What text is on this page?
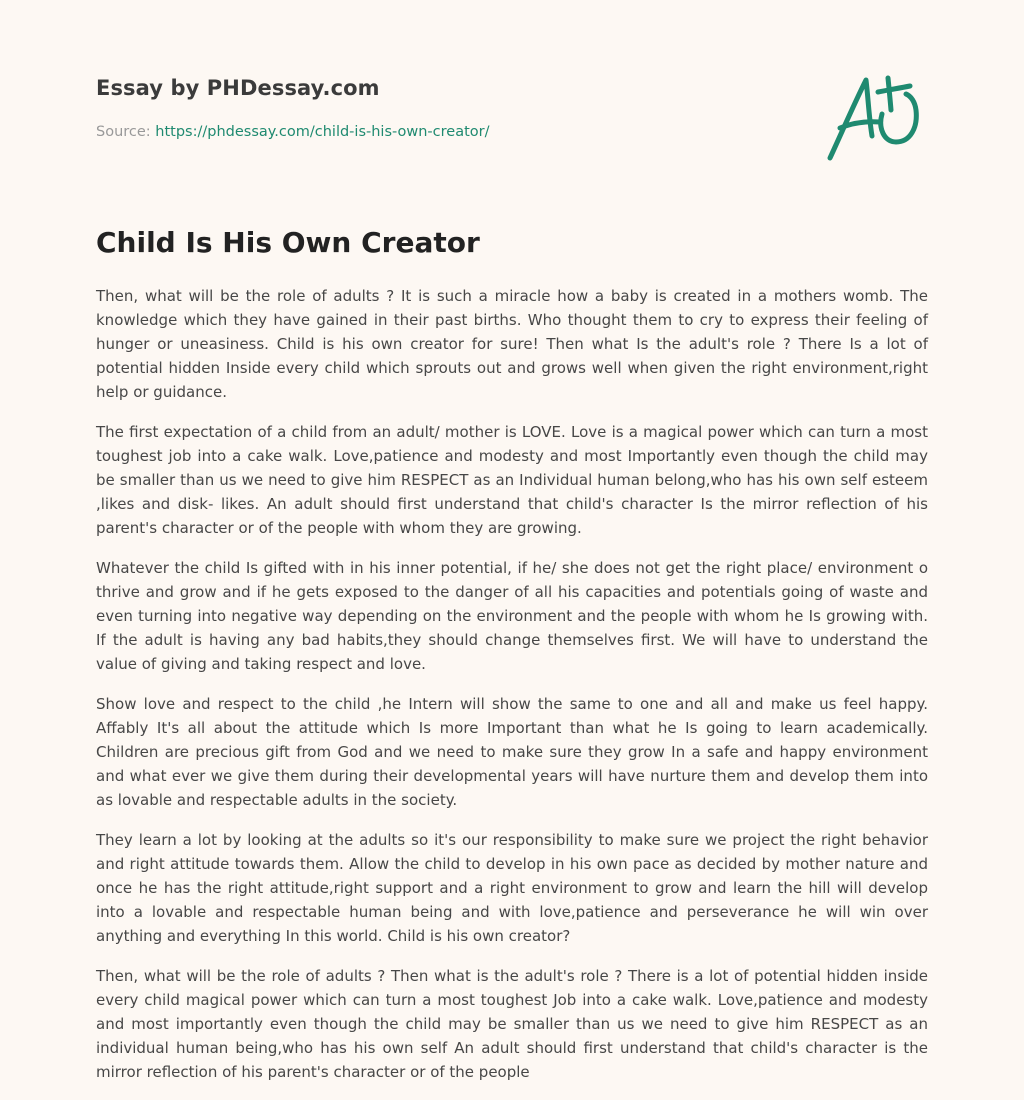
Essay by PHDessay.com
Source: https://phdessay.com/child-is-his-own-creator/
Child Is His Own Creator

Then, what will be the role of adults ? It is such a miracle how a baby is created in a mothers womb. The knowledge which they have gained in their past births. Who thought them to cry to express their feeling of hunger or uneasiness. Child is his own creator for sure! Then what Is the adult's role ? There Is a lot of potential hidden Inside every child which sprouts out and grows well when given the right environment,right help or guidance.

The first expectation of a child from an adult/ mother is LOVE. Love is a magical power which can turn a most toughest job into a cake walk. Love,patience and modesty and most Importantly even though the child may be smaller than us we need to give him RESPECT as an Individual human belong,who has his own self esteem ,likes and disk- likes. An adult should first understand that child's character Is the mirror reflection of his parent's character or of the people with whom they are growing.

Whatever the child Is gifted with in his inner potential, if he/ she does not get the right place/ environment o thrive and grow and if he gets exposed to the danger of all his capacities and potentials going of waste and even turning into negative way depending on the environment and the people with whom he Is growing with. If the adult is having any bad habits,they should change themselves first. We will have to understand the value of giving and taking respect and love.

Show love and respect to the child ,he Intern will show the same to one and all and make us feel happy. Affably It's all about the attitude which Is more Important than what he Is going to learn academically. Children are precious gift from God and we need to make sure they grow In a safe and happy environment and what ever we give them during their developmental years will have nurture them and develop them into as lovable and respectable adults in the society.

They learn a lot by looking at the adults so it's our responsibility to make sure we project the right behavior and right attitude towards them. Allow the child to develop in his own pace as decided by mother nature and once he has the right attitude,right support and a right environment to grow and learn the hill will develop into a lovable and respectable human being and with love,patience and perseverance he will win over anything and everything In this world. Child is his own creator?

Then, what will be the role of adults ? Then what is the adult's role ? There is a lot of potential hidden inside every child magical power which can turn a most toughest Job into a cake walk. Love,patience and modesty and most importantly even though the child may be smaller than us we need to give him RESPECT as an individual human being,who has his own self An adult should first understand that child's character is the mirror reflection of his parent's character or of the people
